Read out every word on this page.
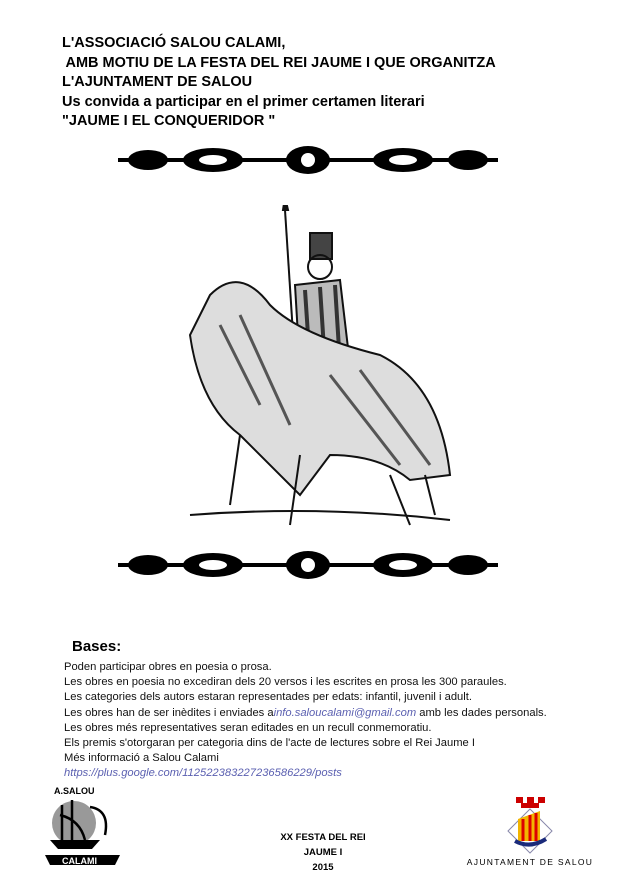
L'ASSOCIACIÓ SALOU CALAMI,
AMB MOTIU DE LA FESTA DEL REI JAUME I QUE ORGANITZA
L'AJUNTAMENT DE SALOU
Us convida a participar en el primer certamen literari
"JAUME I EL CONQUERIDOR "
Bases:
Poden participar obres en poesia o prosa.
Les obres en poesia no excediran dels 20 versos i les escrites en prosa les 300 paraules.
Les categories dels autors estaran representades per edats: infantil, juvenil i adult.
Les obres han de ser inèdites i enviades ainfo.saloucalami@gmail.com amb les dades personals.
Les obres més representatives seran editades en un recull conmemoratiu.
Els premis s'otorgaran per categoria dins de l'acte de lectures sobre el Rei Jaume I
Més informació a Salou Calami
https://plus.google.com/112522383227236586229/posts
A.SALOU
CALAMI
XX FESTA DEL REI JAUME I
2015	AJUNTAMENT DE SALOU
